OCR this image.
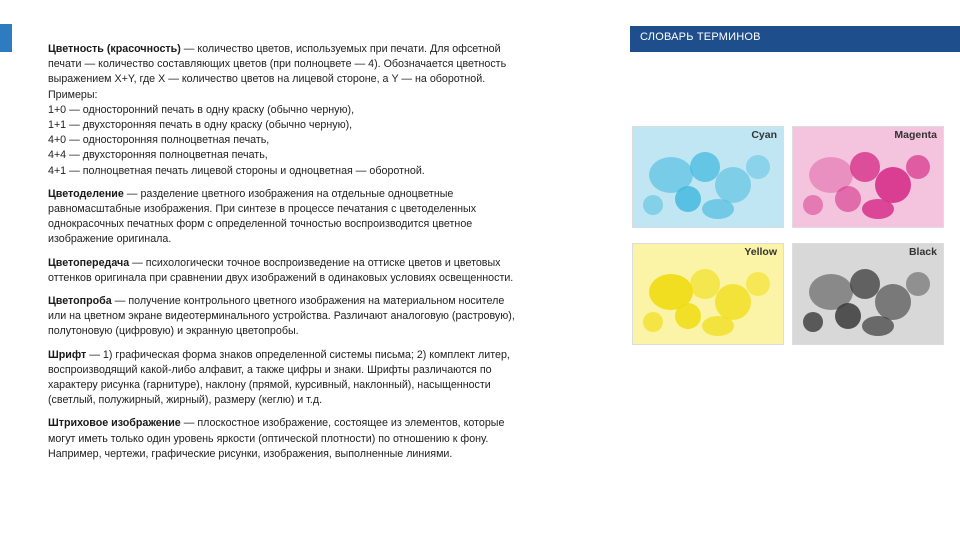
СЛОВАРЬ ТЕРМИНОВ

Цветность (красочность) — количество цветов, используемых при печати. Для офсетной
печати — количество составляющих цветов (при полноцвете — 4). Обозначается цветность
выражением X+Y, где X — количество цветов на лицевой стороне, а Y — на оборотной.
Примеры:
1+0 — односторонний печать в одну краску (обычно черную),
1+1 — двухсторонняя печать в одну краску (обычно черную),
4+0 — односторонняя полноцветная печать,
4+4 — двухсторонняя полноцветная печать,
4+1 — полноцветная печать лицевой стороны и одноцветная — оборотной.

Цветоделение — разделение цветного изображения на отдельные одноцветные
равномасштабные изображения. При синтезе в процессе печатания с цветоделенных
однокрасочных печатных форм с определенной точностью воспроизводится цветное
изображение оригинала.

Цветопередача — психологически точное воспроизведение на оттиске цветов и цветовых
оттенков оригинала при сравнении двух изображений в одинаковых условиях освещенности.

Цветопроба — получение контрольного цветного изображения на материальном носителе
или на цветном экране видеотерминального устройства. Различают аналоговую (растровую),
полутоновую (цифровую) и экранную цветопробы.

Шрифт — 1) графическая форма знаков определенной системы письма; 2) комплект литер,
воспроизводящий какой-либо алфавит, а также цифры и знаки. Шрифты различаются по
характеру рисунка (гарнитуре), наклону (прямой, курсивный, наклонный), насыщенности
(светлый, полужирный, жирный), размеру (кеглю) и т.д.

Штриховое изображение — плоскостное изображение, состоящее из элементов, которые
могут иметь только один уровень яркости (оптической плотности) по отношению к фону.
Например, чертежи, графические рисунки, изображения, выполненные линиями.

Cyan	Magenta
Yellow	Black
